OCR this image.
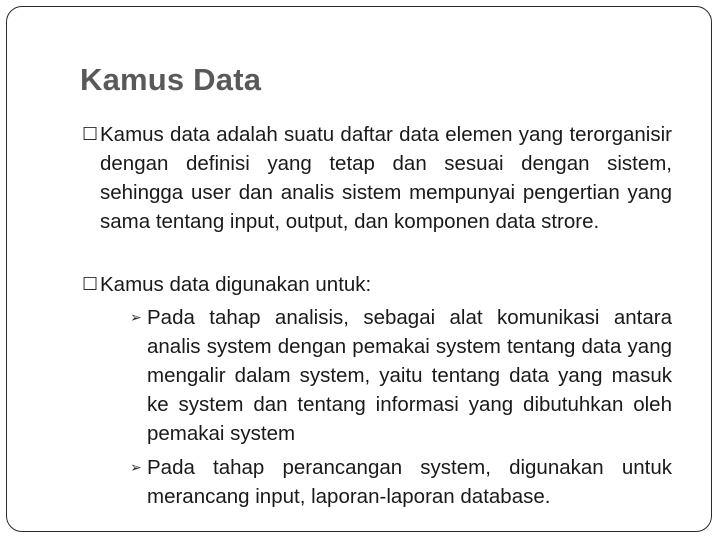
Kamus Data
☐ Kamus data adalah suatu daftar data elemen yang terorganisir dengan definisi yang tetap dan sesuai dengan sistem, sehingga user dan analis sistem mempunyai pengertian yang sama tentang input, output, dan komponen data strore.
☐ Kamus data digunakan untuk:
➢ Pada tahap analisis, sebagai alat komunikasi antara analis system dengan pemakai system tentang data yang mengalir dalam system, yaitu tentang data yang masuk ke system dan tentang informasi yang dibutuhkan oleh pemakai system
➢ Pada tahap perancangan system, digunakan untuk merancang input, laporan-laporan database.
